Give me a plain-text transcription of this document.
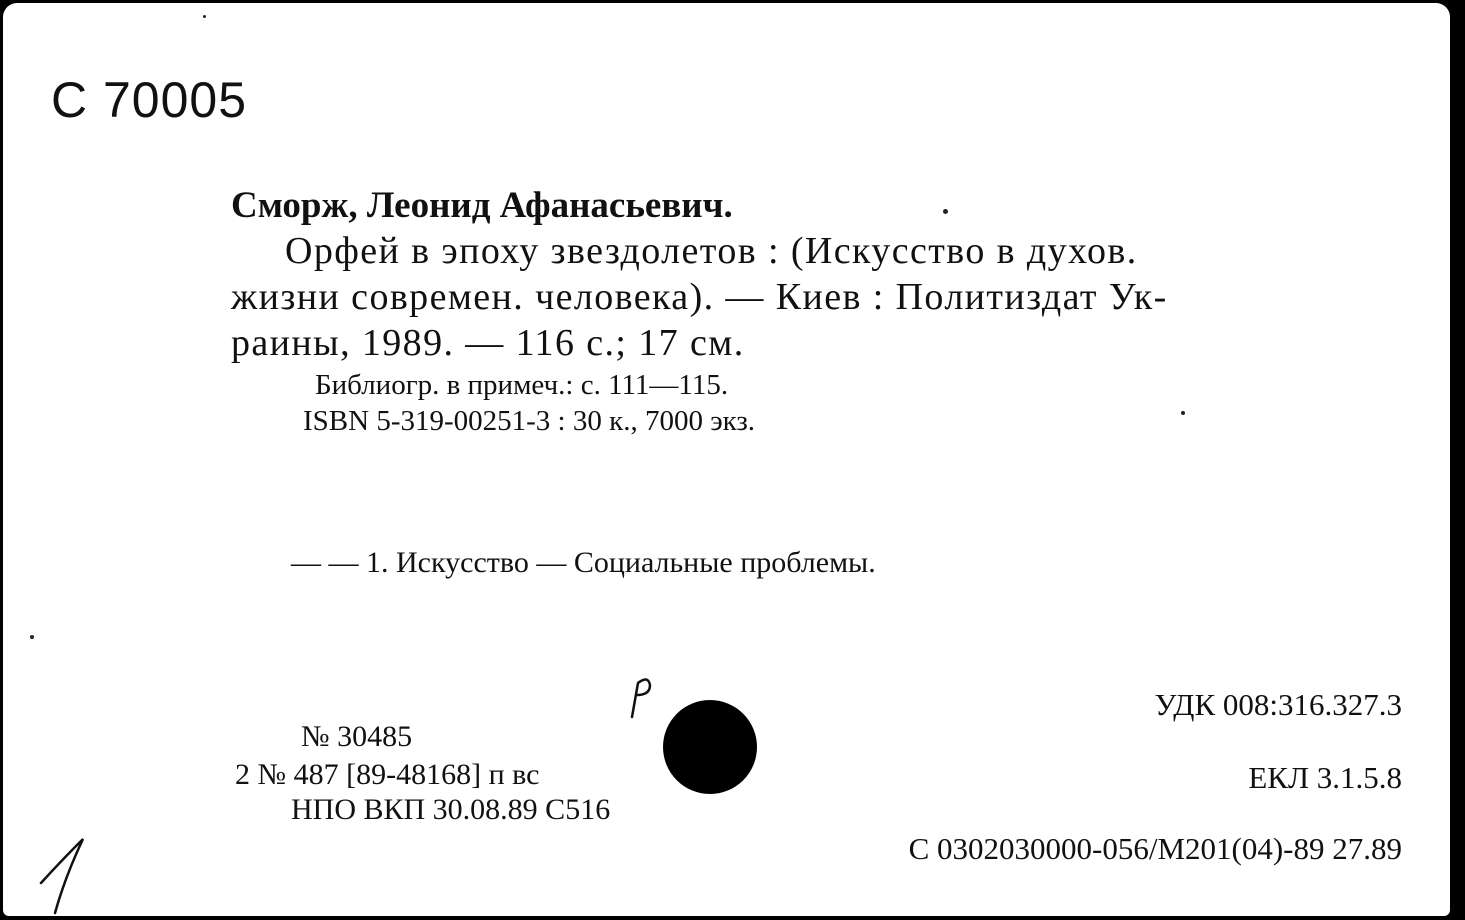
С 70005
Сморж, Леонид Афанасьевич.
Орфей в эпоху звездолетов : (Искусство в духов.
жизни современ. человека). — Киев : Политиздат Ук-
раины, 1989. — 116 с.; 17 см.
Библиогр. в примеч.: с. 111—115.
ISBN 5-319-00251-3 : 30 к., 7000 экз.
— — 1. Искусство — Социальные проблемы.
№ 30485
2 № 487 [89-48168] п вс
НПО ВКП 30.08.89 С516
УДК 008:316.327.3
ЕКЛ 3.1.5.8
С 0302030000-056/М201(04)-89 27.89
